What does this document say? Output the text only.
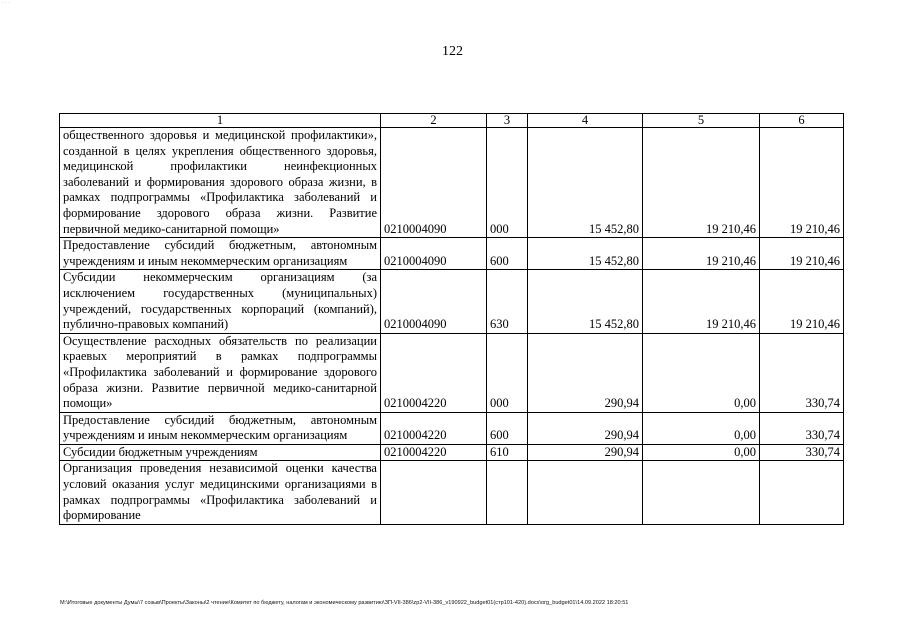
· · ·
122
1	2	3	4	5	6
общественного здоровья и медицинской профилактики», созданной в целях укрепления общественного здоровья, медицинской профилактики неинфекционных заболеваний и формирования здорового образа жизни, в рамках подпрограммы «Профилактика заболеваний и формирование здорового образа жизни. Развитие первичной медико-санитарной помощи»	0210004090	000	15 452,80	19 210,46	19 210,46
Предоставление субсидий бюджетным, автономным учреждениям и иным некоммерческим организациям	0210004090	600	15 452,80	19 210,46	19 210,46
Субсидии некоммерческим организациям (за исключением государственных (муниципальных) учреждений, государственных корпораций (компаний), публично-правовых компаний)	0210004090	630	15 452,80	19 210,46	19 210,46
Осуществление расходных обязательств по реализации краевых мероприятий в рамках подпрограммы «Профилактика заболеваний и формирование здорового образа жизни. Развитие первичной медико-санитарной помощи»	0210004220	000	290,94	0,00	330,74
Предоставление субсидий бюджетным, автономным учреждениям и иным некоммерческим организациям	0210004220	600	290,94	0,00	330,74
Субсидии бюджетным учреждениям	0210004220	610	290,94	0,00	330,74
Организация проведения независимой оценки качества условий оказания услуг медицинскими организациями в рамках подпрограммы «Профилактика заболеваний и формирование					
M:\Итоговые документы Думы\7 созыв\Проекты\Законы\2 чтение\Комитет по бюджету, налогам и экономическому развитию\ЗП-VII-386\zp2-VII-386_v190922_budget01(стр101-420).docx\org_budget01\14.09.2022 18:20:51
